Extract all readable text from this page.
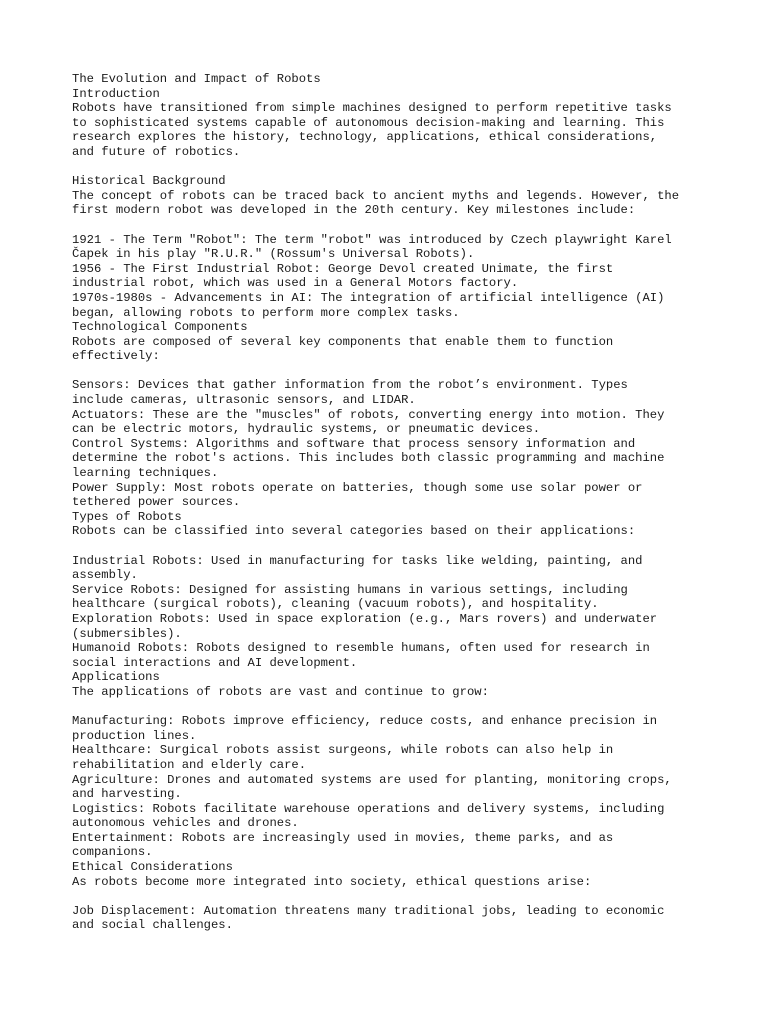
The Evolution and Impact of Robots
Introduction
Robots have transitioned from simple machines designed to perform repetitive tasks
to sophisticated systems capable of autonomous decision-making and learning. This
research explores the history, technology, applications, ethical considerations,
and future of robotics.
Historical Background
The concept of robots can be traced back to ancient myths and legends. However, the
first modern robot was developed in the 20th century. Key milestones include:
1921 - The Term "Robot": The term "robot" was introduced by Czech playwright Karel
Čapek in his play "R.U.R." (Rossum's Universal Robots).
1956 - The First Industrial Robot: George Devol created Unimate, the first
industrial robot, which was used in a General Motors factory.
1970s-1980s - Advancements in AI: The integration of artificial intelligence (AI)
began, allowing robots to perform more complex tasks.
Technological Components
Robots are composed of several key components that enable them to function
effectively:
Sensors: Devices that gather information from the robot’s environment. Types
include cameras, ultrasonic sensors, and LIDAR.
Actuators: These are the "muscles" of robots, converting energy into motion. They
can be electric motors, hydraulic systems, or pneumatic devices.
Control Systems: Algorithms and software that process sensory information and
determine the robot's actions. This includes both classic programming and machine
learning techniques.
Power Supply: Most robots operate on batteries, though some use solar power or
tethered power sources.
Types of Robots
Robots can be classified into several categories based on their applications:
Industrial Robots: Used in manufacturing for tasks like welding, painting, and
assembly.
Service Robots: Designed for assisting humans in various settings, including
healthcare (surgical robots), cleaning (vacuum robots), and hospitality.
Exploration Robots: Used in space exploration (e.g., Mars rovers) and underwater
(submersibles).
Humanoid Robots: Robots designed to resemble humans, often used for research in
social interactions and AI development.
Applications
The applications of robots are vast and continue to grow:
Manufacturing: Robots improve efficiency, reduce costs, and enhance precision in
production lines.
Healthcare: Surgical robots assist surgeons, while robots can also help in
rehabilitation and elderly care.
Agriculture: Drones and automated systems are used for planting, monitoring crops,
and harvesting.
Logistics: Robots facilitate warehouse operations and delivery systems, including
autonomous vehicles and drones.
Entertainment: Robots are increasingly used in movies, theme parks, and as
companions.
Ethical Considerations
As robots become more integrated into society, ethical questions arise:
Job Displacement: Automation threatens many traditional jobs, leading to economic
and social challenges.
